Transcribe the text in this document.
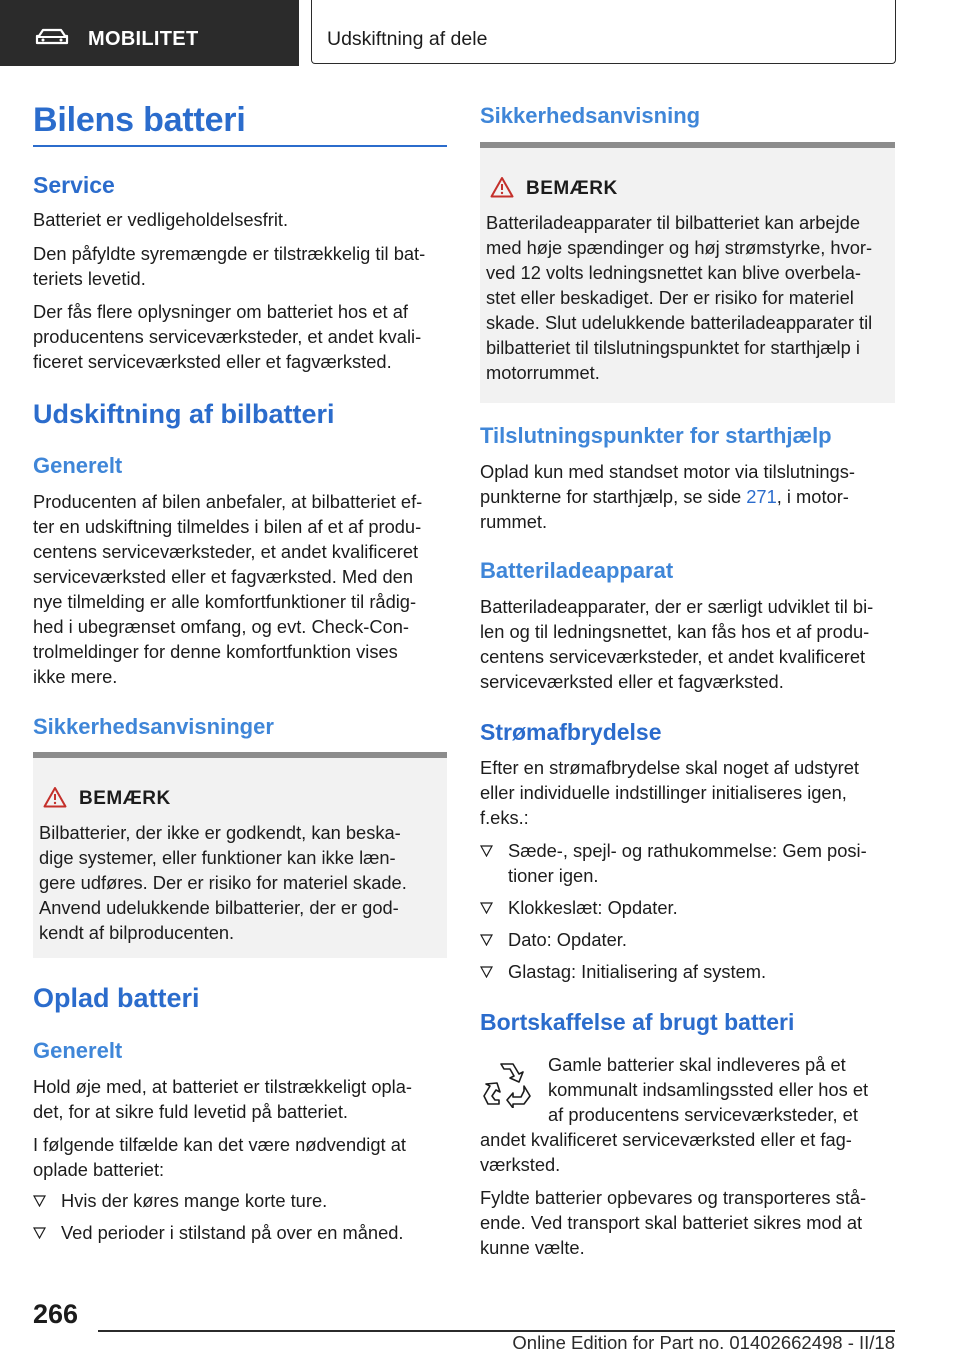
MOBILITET	Udskiftning af dele
Bilens batteri
Service
Batteriet er vedligeholdelsesfrit.
Den påfyldte syremængde er tilstrækkelig til bat‐
teriets levetid.
Der fås flere oplysninger om batteriet hos et af
producentens serviceværksteder, et andet kvali‐
ficeret serviceværksted eller et fagværksted.
Udskiftning af bilbatteri
Generelt
Producenten af bilen anbefaler, at bilbatteriet ef‐
ter en udskiftning tilmeldes i bilen af et af produ‐
centens serviceværksteder, et andet kvalificeret
serviceværksted eller et fagværksted. Med den
nye tilmelding er alle komfortfunktioner til rådig‐
hed i ubegrænset omfang, og evt. Check-Con‐
trolmeldinger for denne komfortfunktion vises
ikke mere.
Sikkerhedsanvisninger
BEMÆRK
Bilbatterier, der ikke er godkendt, kan beska‐
dige systemer, eller funktioner kan ikke læn‐
gere udføres. Der er risiko for materiel skade.
Anvend udelukkende bilbatterier, der er god‐
kendt af bilproducenten.
Oplad batteri
Generelt
Hold øje med, at batteriet er tilstrækkeligt opla‐
det, for at sikre fuld levetid på batteriet.
I følgende tilfælde kan det være nødvendigt at
oplade batteriet:
Hvis der køres mange korte ture.
Ved perioder i stilstand på over en måned.
Sikkerhedsanvisning
BEMÆRK
Batteriladeapparater til bilbatteriet kan arbejde
med høje spændinger og høj strømstyrke, hvor‐
ved 12 volts ledningsnettet kan blive overbela‐
stet eller beskadiget. Der er risiko for materiel
skade. Slut udelukkende batteriladeapparater til
bilbatteriet til tilslutningspunktet for starthjælp i
motorrummet.
Tilslutningspunkter for starthjælp
Oplad kun med standset motor via tilslutnings‐
punkterne for starthjælp, se side 271, i motor‐
rummet.
Batteriladeapparat
Batteriladeapparater, der er særligt udviklet til bi‐
len og til ledningsnettet, kan fås hos et af produ‐
centens serviceværksteder, et andet kvalificeret
serviceværksted eller et fagværksted.
Strømafbrydelse
Efter en strømafbrydelse skal noget af udstyret
eller individuelle indstillinger initialiseres igen,
f.eks.:
Sæde-, spejl- og rathukommelse: Gem posi‐
tioner igen.
Klokkeslæt: Opdater.
Dato: Opdater.
Glastag: Initialisering af system.
Bortskaffelse af brugt batteri
Gamle batterier skal indleveres på et
kommunalt indsamlingssted eller hos et
af producentens serviceværksteder, et
andet kvalificeret serviceværksted eller et fag‐
værksted.
Fyldte batterier opbevares og transporteres stå‐
ende. Ved transport skal batteriet sikres mod at
kunne vælte.
266
Online Edition for Part no. 01402662498 - II/18
